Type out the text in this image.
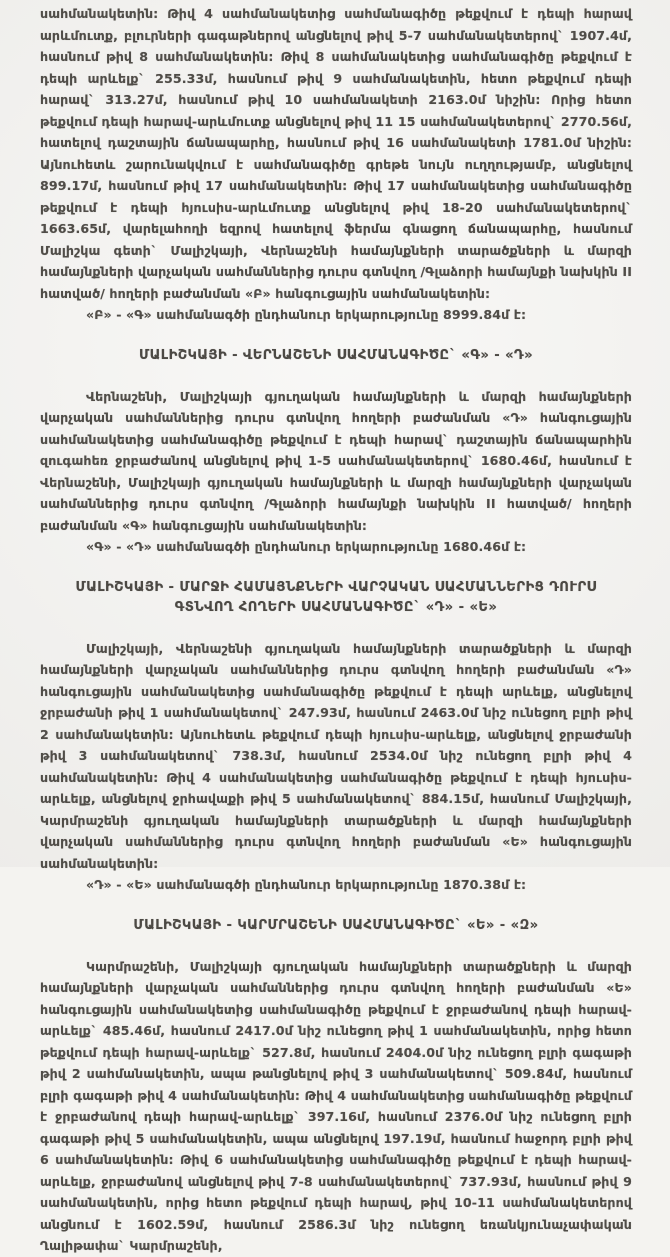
սահմանակետին: Թիվ 4 սահմանակետից սահմանագիծը թեքվում է դեպի հարավ արևմուտք, բլուրների գագաթներով անցնելով թիվ 5-7 սահմանակետերով` 1907.4մ, հասնում թիվ 8 սահմանակետին: Թիվ 8 սահմանակետից սահմանագիծը թեքվում է դեպի արևելք` 255.33մ, հասնում թիվ 9 սահմանակետին, հետո թեքվում դեպի հարավ` 313.27մ, հասնում թիվ 10 սահմանակետի 2163.0մ նիշին: Որից հետո թեքվում դեպի հարավ-արևմուտք անցնելով թիվ 11 15 սահմանակետերով` 2770.56մ, հատելով դաշտային ճանապարհը, հասնում թիվ 16 սահմանակետի 1781.0մ նիշին: Այնուհետև շարունակվում է սահմանագիծը գրեթե նույն ուղղությամբ, անցնելով 899.17մ, հասնում թիվ 17 սահմանակետին: Թիվ 17 սահմանակետից սահմանագիծը թեքվում է դեպի հյուսիս-արևմուտք անցնելով թիվ 18-20 սահմանակետերով` 1663.65մ, վարելահողի եզրով հատելով ֆերմա գնացող ճանապարհը, հասնում Մալիշկա գետի` Մալիշկայի, Վերնաշենի համայնքների տարածքների և մարզի համայնքների վարչական սահմաններից դուրս գտնվող /Գլաձորի համայնքի նախկին II հատված/ հողերի բաժանման «Բ» հանգուցային սահմանակետին:

«Բ» - «Գ» սահմանագծի ընդհանուր երկարությունը 8999.84մ է:

ՄԱԼԻՇԿԱՅԻ - ՎԵՐՆԱՇԵՆԻ ՍԱՀՄԱՆԱԳԻԾԸ` «Գ» - «Դ»

Վերնաշենի, Մալիշկայի գյուղական համայնքների և մարզի համայնքների վարչական սահմաններից դուրս գտնվող հողերի բաժանման «Դ» հանգուցային սահմանակետից սահմանագիծը թեքվում է դեպի հարավ` դաշտային ճանապարհին զուգահեռ ջրբաժանով անցնելով թիվ 1-5 սահմանակետերով` 1680.46մ, հասնում է Վերնաշենի, Մալիշկայի գյուղական համայնքների և մարզի համայնքների վարչական սահմաններից դուրս գտնվող /Գլաձորի համայնքի նախկին II հատված/ հողերի բաժանման «Գ» հանգուցային սահմանակետին:

«Գ» - «Դ» սահմանագծի ընդհանուր երկարությունը 1680.46մ է:

ՄԱԼԻՇԿԱՅԻ - ՄԱՐՋԻ ՀԱՄԱՅՆՔՆԵՐԻ ՎԱՐՉԱԿԱՆ ՍԱՀՄԱՆՆԵՐԻՑ ԴՈՒՐՍ ԳՏՆՎՈՂ ՀՈՂԵՐԻ ՍԱՀՄԱՆԱԳԻԾԸ` «Դ» - «Ե»

Մալիշկայի, Վերնաշենի գյուղական համայնքների տարածքների և մարզի համայնքների վարչական սահմաններից դուրս գտնվող հողերի բաժանման «Դ» հանգուցային սահմանակետից սահմանագիծը թեքվում է դեպի արևելք, անցնելով ջրբաժանի թիվ 1 սահմանակետով` 247.93մ, հասնում 2463.0մ նիշ ունեցող բլրի թիվ 2 սահմանակետին: Այնուհետև թեքվում դեպի հյուսիս-արևելք, անցնելով ջրբաժանի թիվ 3 սահմանակետով` 738.3մ, հասնում 2534.0մ նիշ ունեցող բլրի թիվ 4 սահմանակետին: Թիվ 4 սահմանակետից սահմանագիծը թեքվում է դեպի հյուսիս-արևելք, անցնելով ջրհավաքի թիվ 5 սահմանակետով` 884.15մ, հասնում Մալիշկայի, Կարմրաշենի գյուղական համայնքների տարածքների և մարզի համայնքների վարչական սահմաններից դուրս գտնվող հողերի բաժանման «Ե» հանգուցային սահմանակետին:

«Դ» - «Ե» սահմանագծի ընդհանուր երկարությունը 1870.38մ է:

ՄԱԼԻՇԿԱՅԻ - ԿԱՐՄՐԱՇԵՆԻ ՍԱՀՄԱՆԱԳԻԾԸ` «Ե» - «Զ»

Կարմրաշենի, Մալիշկայի գյուղական համայնքների տարածքների և մարզի համայնքների վարչական սահմաններից դուրս գտնվող հողերի բաժանման «Ե» հանգուցային սահմանակետից սահմանագիծը թեքվում է ջրբաժանով դեպի հարավ-արևելք` 485.46մ, հասնում 2417.0մ նիշ ունեցող թիվ 1 սահմանակետին, որից հետո թեքվում դեպի հարավ-արևելք` 527.8մ, հասնում 2404.0մ նիշ ունեցող բլրի գագաթի թիվ 2 սահմանակետին, ապա թանցնելով թիվ 3 սահմանակետով` 509.84մ, հասնում բլրի գագաթի թիվ 4 սահմանակետին: Թիվ 4 սահմանակետից սահմանագիծը թեքվում է ջրբաժանով դեպի հարավ-արևելք` 397.16մ, հասնում 2376.0մ նիշ ունեցող բլրի գագաթի թիվ 5 սահմանակետին, ապա անցնելով 197.19մ, հասնում հաջորդ բլրի թիվ 6 սահմանակետին: Թիվ 6 սահմանակետից սահմանագիծը թեքվում է դեպի հարավ-արևելք, ջրբաժանով անցնելով թիվ 7-8 սահմանակետերով` 737.93մ, հասնում թիվ 9 սահմանակետին, որից հետո թեքվում դեպի հարավ, թիվ 10-11 սահմանակետերով անցնում է 1602.59մ, հասնում 2586.3մ նիշ ունեցող եռանկյունաչափական Ղալիթափա` Կարմրաշենի,
